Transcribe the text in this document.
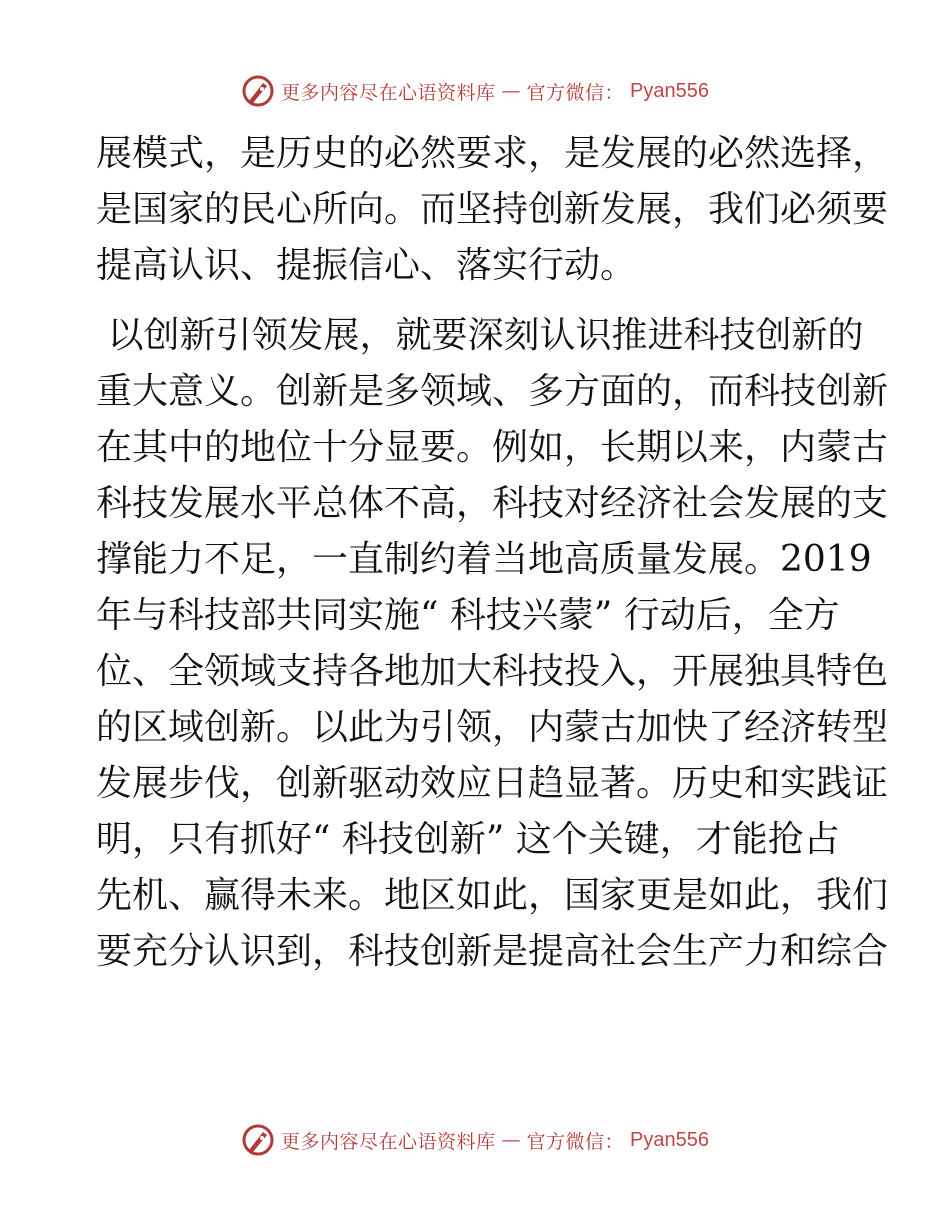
更多内容尽在心语资料库 — 官方微信： Pyan556
展模式，是历史的必然要求，是发展的必然选择，
是国家的民心所向。而坚持创新发展，我们必须要
提高认识、提振信心、落实行动。
以创新引领发展，就要深刻认识推进科技创新的
重大意义。创新是多领域、多方面的，而科技创新
在其中的地位十分显要。例如，长期以来，内蒙古
科技发展水平总体不高，科技对经济社会发展的支
撑能力不足，一直制约着当地高质量发展。2019
年与科技部共同实施“ 科技兴蒙” 行动后，全方
位、全领域支持各地加大科技投入，开展独具特色
的区域创新。以此为引领，内蒙古加快了经济转型
发展步伐，创新驱动效应日趋显著。历史和实践证
明，只有抓好“ 科技创新” 这个关键，才能抢占
先机、赢得未来。地区如此，国家更是如此，我们
要充分认识到，科技创新是提高社会生产力和综合
更多内容尽在心语资料库 — 官方微信： Pyan556
